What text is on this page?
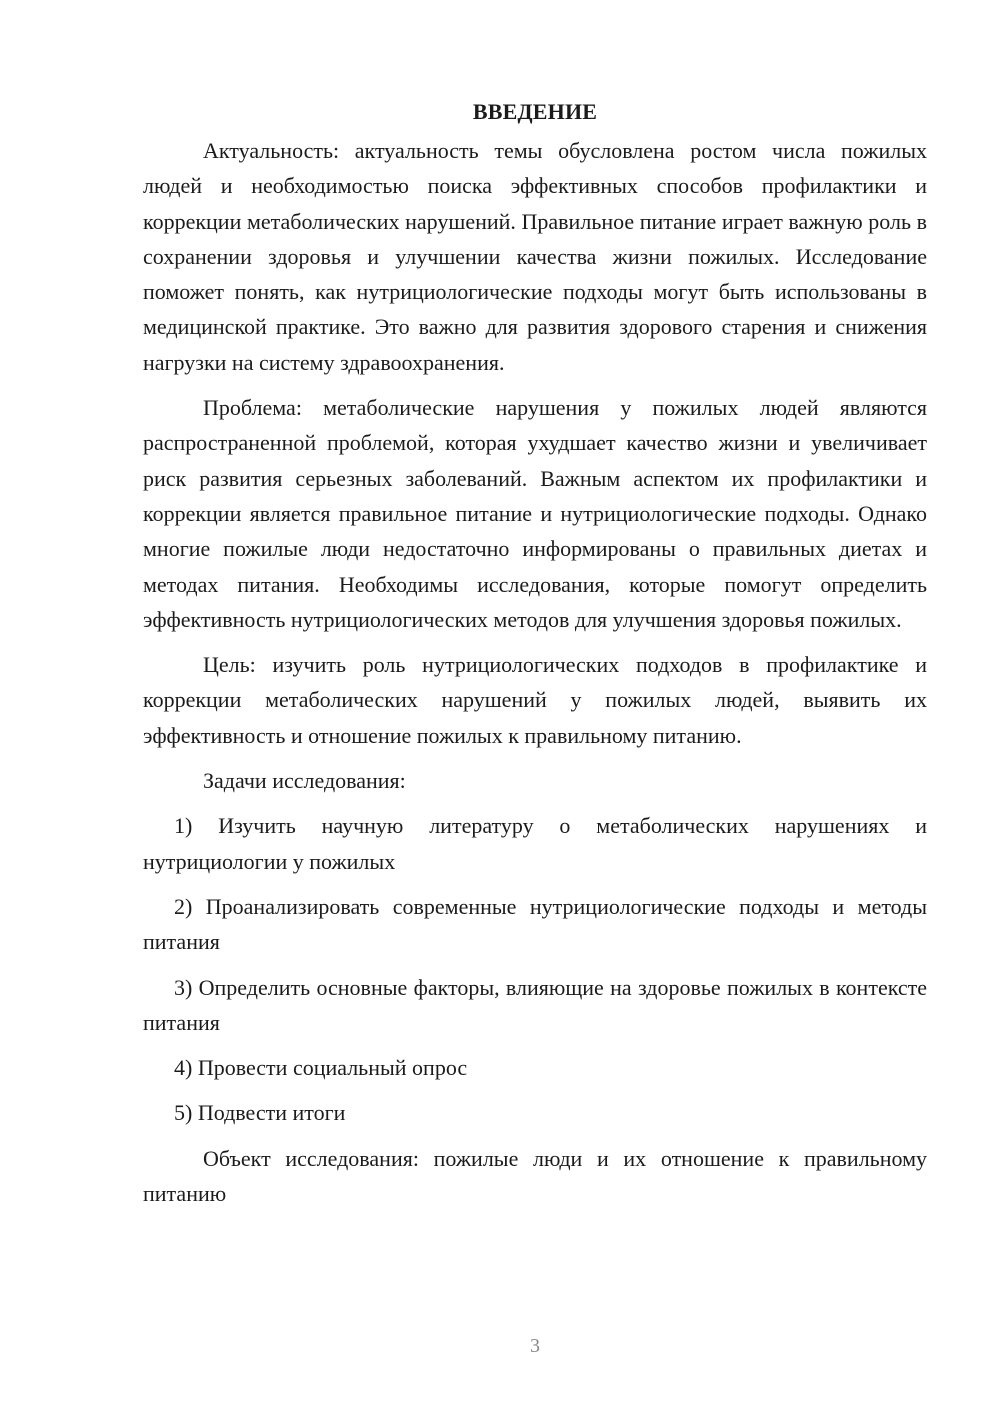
ВВЕДЕНИЕ

Актуальность: актуальность темы обусловлена ростом числа пожилых людей и необходимостью поиска эффективных способов профилактики и коррекции метаболических нарушений. Правильное питание играет важную роль в сохранении здоровья и улучшении качества жизни пожилых. Исследование поможет понять, как нутрициологические подходы могут быть использованы в медицинской практике. Это важно для развития здорового старения и снижения нагрузки на систему здравоохранения.

Проблема: метаболические нарушения у пожилых людей являются распространенной проблемой, которая ухудшает качество жизни и увеличивает риск развития серьезных заболеваний. Важным аспектом их профилактики и коррекции является правильное питание и нутрициологические подходы. Однако многие пожилые люди недостаточно информированы о правильных диетах и методах питания. Необходимы исследования, которые помогут определить эффективность нутрициологических методов для улучшения здоровья пожилых.

Цель: изучить роль нутрициологических подходов в профилактике и коррекции метаболических нарушений у пожилых людей, выявить их эффективность и отношение пожилых к правильному питанию.

Задачи исследования:

1) Изучить научную литературу о метаболических нарушениях и нутрициологии у пожилых

2) Проанализировать современные нутрициологические подходы и методы питания

3) Определить основные факторы, влияющие на здоровье пожилых в контексте питания

4) Провести социальный опрос

5) Подвести итоги

Объект исследования: пожилые люди и их отношение к правильному питанию

3
